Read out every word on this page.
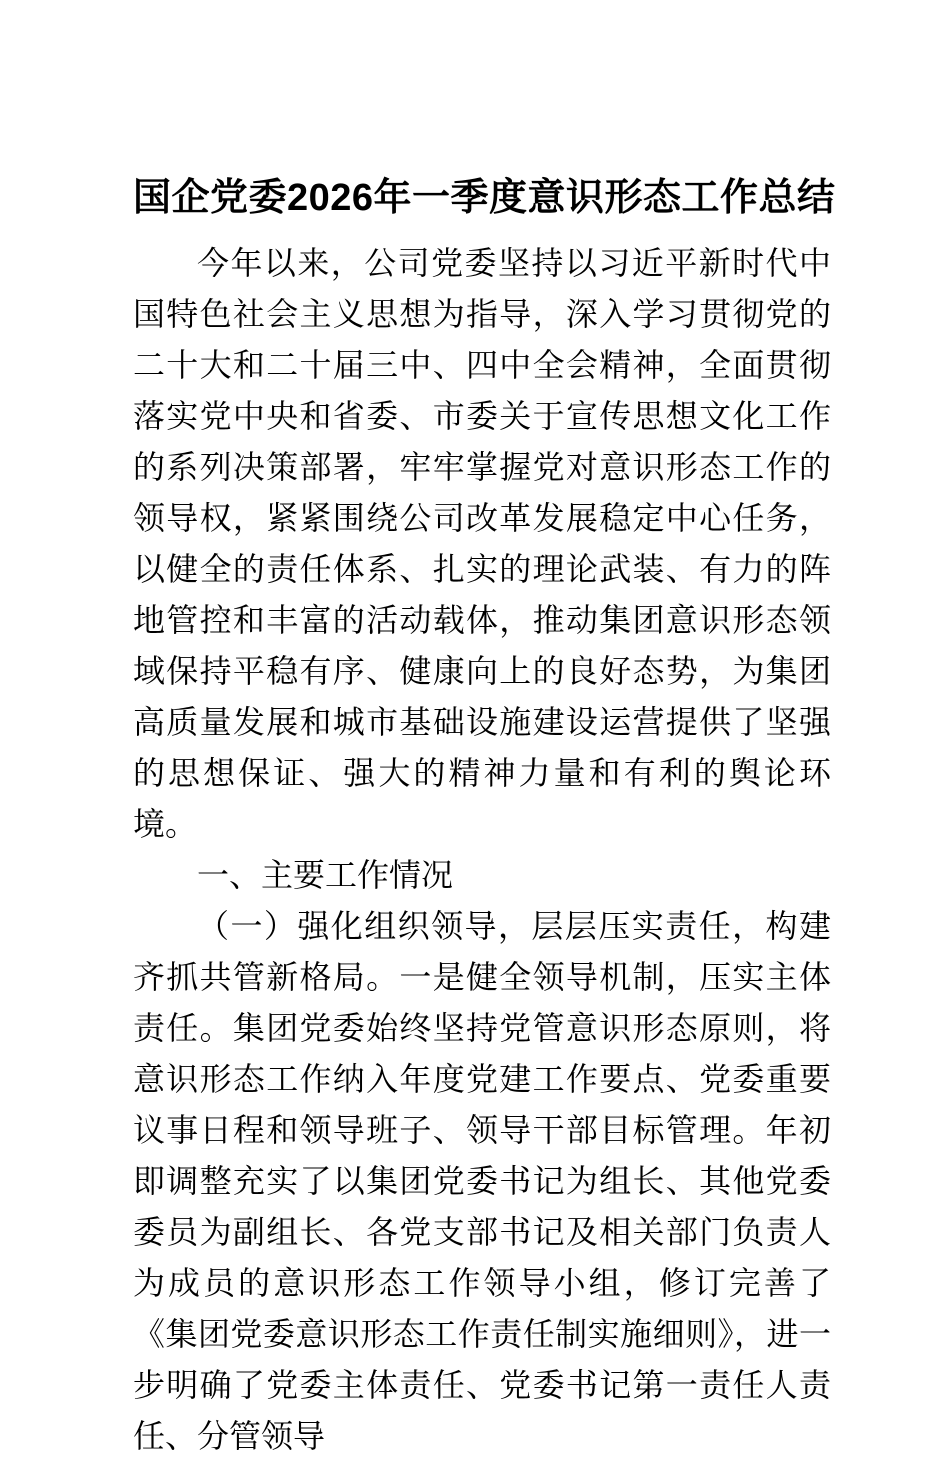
国企党委2026年一季度意识形态工作总结

今年以来，公司党委坚持以习近平新时代中国特色社会主义思想为指导，深入学习贯彻党的二十大和二十届三中、四中全会精神，全面贯彻落实党中央和省委、市委关于宣传思想文化工作的系列决策部署，牢牢掌握党对意识形态工作的领导权，紧紧围绕公司改革发展稳定中心任务，以健全的责任体系、扎实的理论武装、有力的阵地管控和丰富的活动载体，推动集团意识形态领域保持平稳有序、健康向上的良好态势，为集团高质量发展和城市基础设施建设运营提供了坚强的思想保证、强大的精神力量和有利的舆论环境。

一、主要工作情况

（一）强化组织领导，层层压实责任，构建齐抓共管新格局。一是健全领导机制，压实主体责任。集团党委始终坚持党管意识形态原则，将意识形态工作纳入年度党建工作要点、党委重要议事日程和领导班子、领导干部目标管理。年初即调整充实了以集团党委书记为组长、其他党委委员为副组长、各党支部书记及相关部门负责人为成员的意识形态工作领导小组，修订完善了《集团党委意识形态工作责任制实施细则》，进一步明确了党委主体责任、党委书记第一责任人责任、分管领导
